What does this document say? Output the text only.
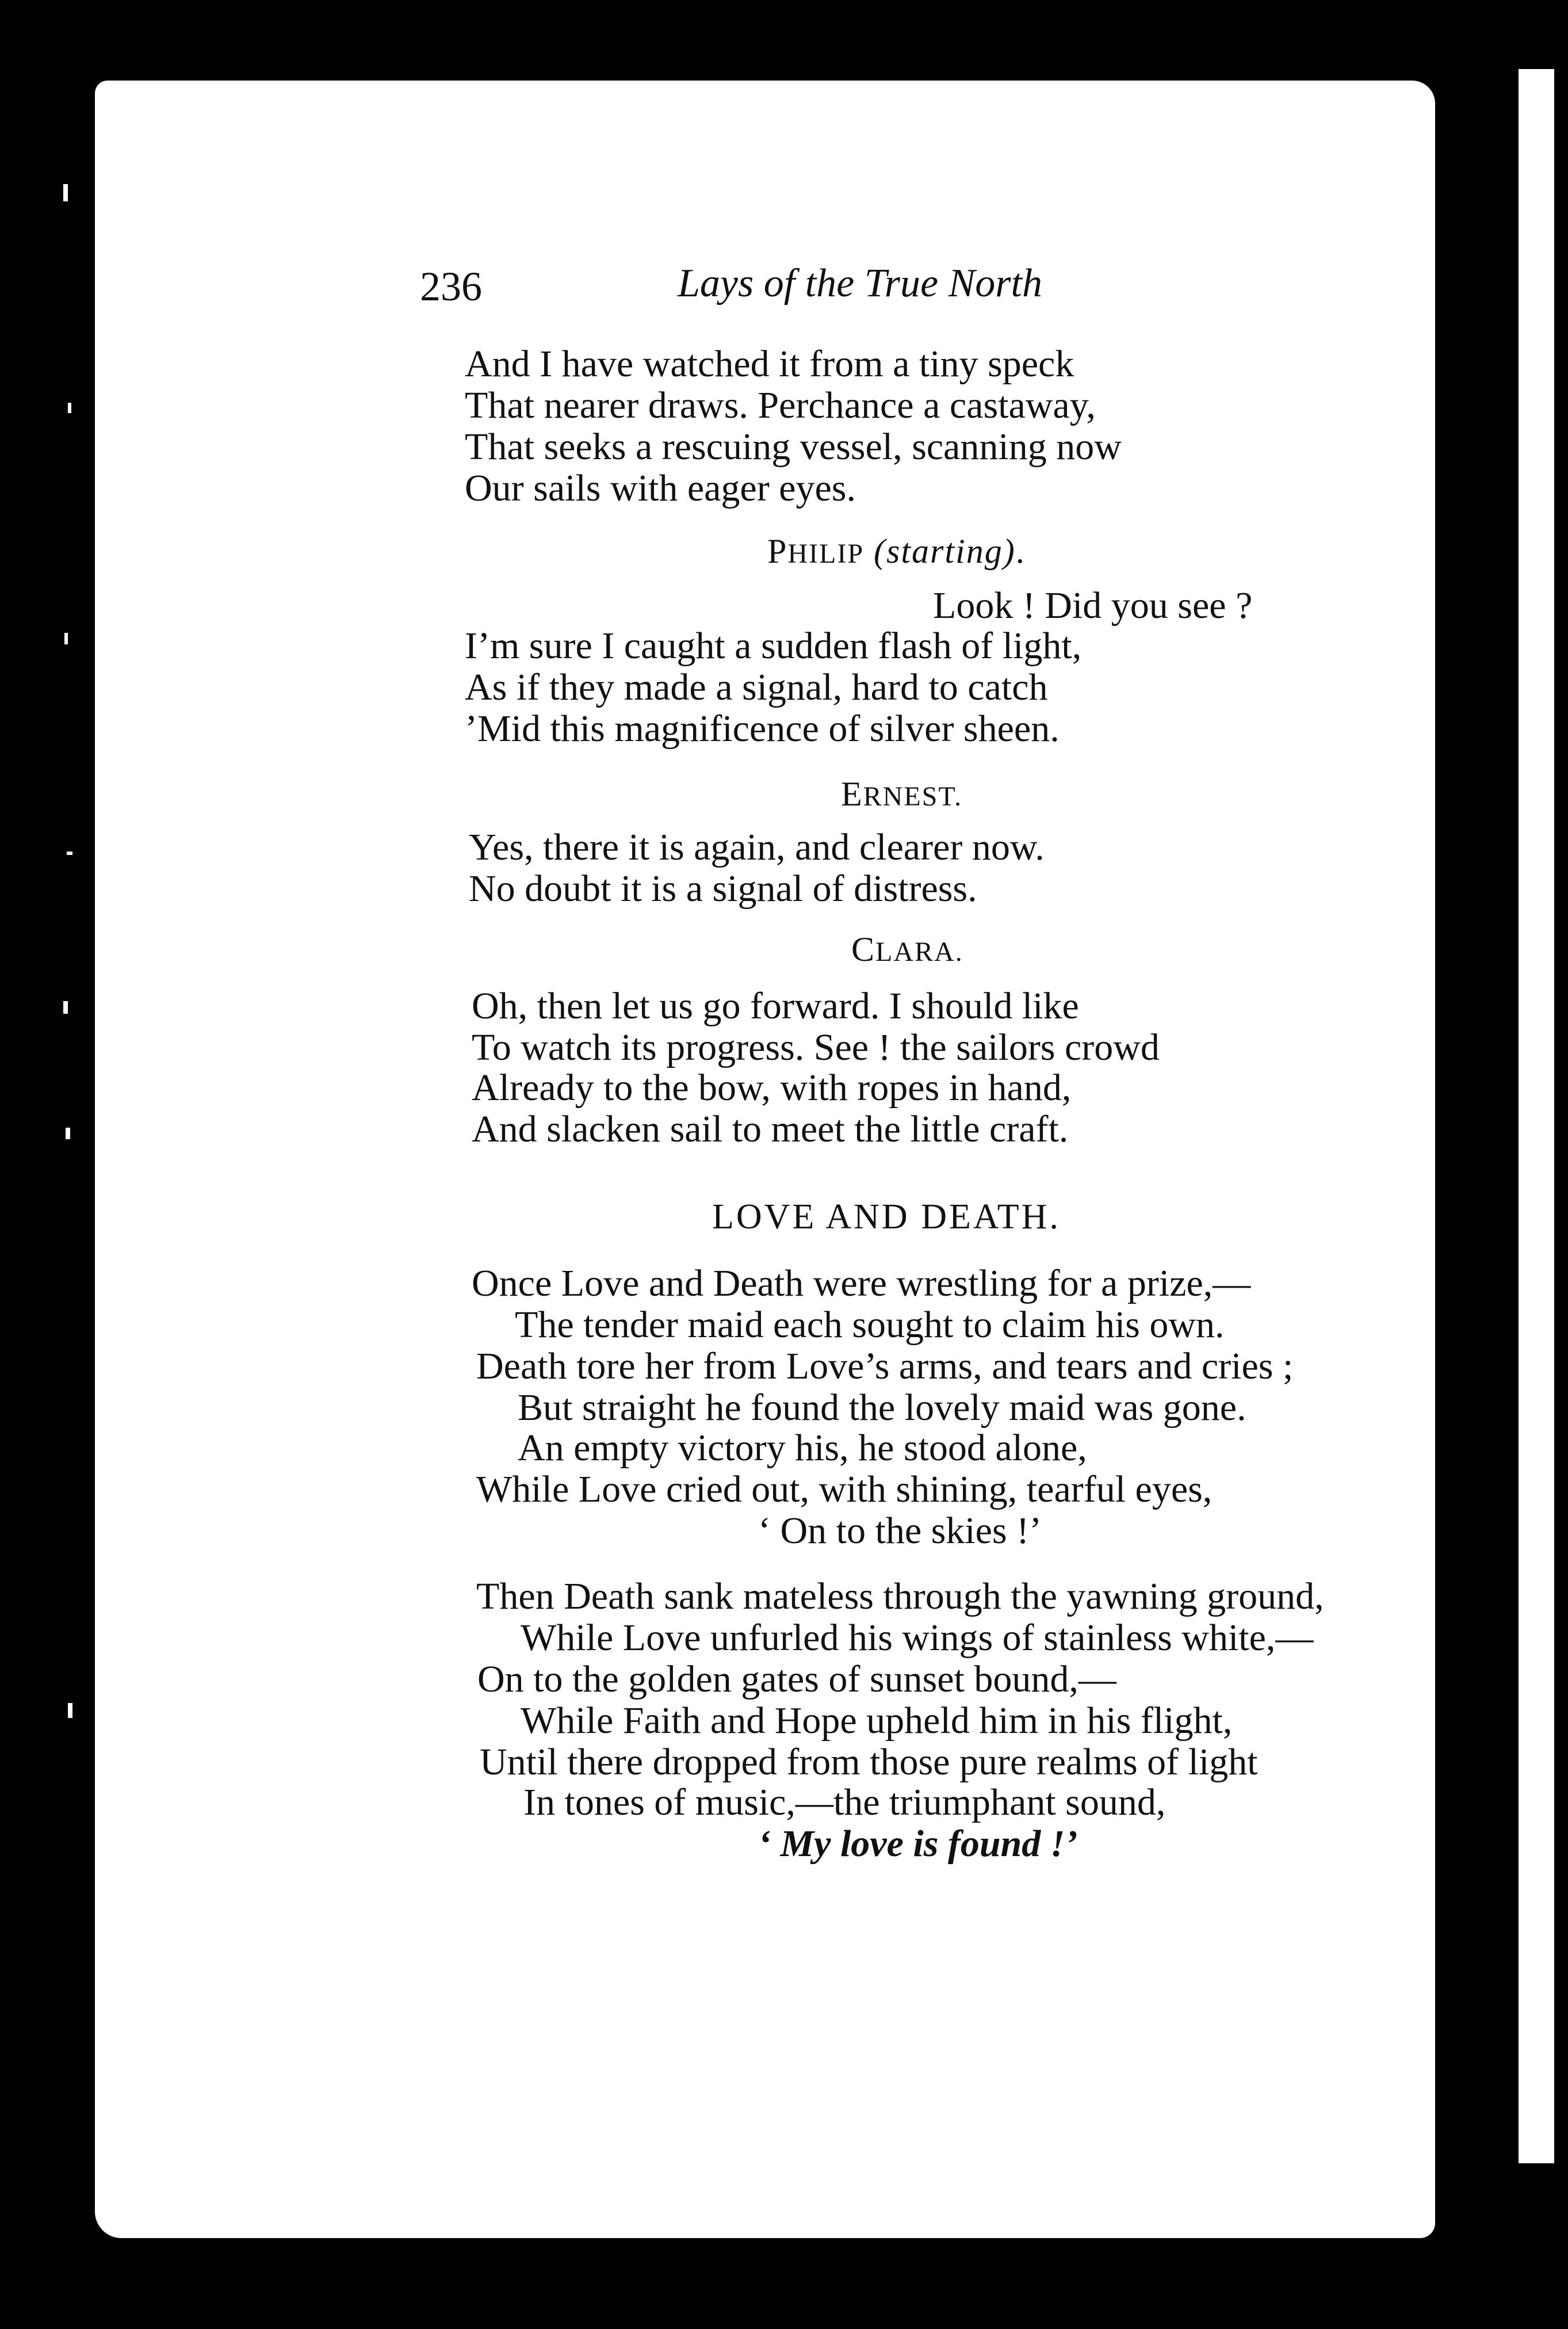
236	Lays of the True North
And I have watched it from a tiny speck
That nearer draws. Perchance a castaway,
That seeks a rescuing vessel, scanning now
Our sails with eager eyes.
PHILIP (starting).
Look ! Did you see ?
I’m sure I caught a sudden flash of light,
As if they made a signal, hard to catch
’Mid this magnificence of silver sheen.
ERNEST.
Yes, there it is again, and clearer now.
No doubt it is a signal of distress.
CLARA.
Oh, then let us go forward. I should like
To watch its progress. See ! the sailors crowd
Already to the bow, with ropes in hand,
And slacken sail to meet the little craft.
LOVE AND DEATH.
Once Love and Death were wrestling for a prize,—
The tender maid each sought to claim his own.
Death tore her from Love’s arms, and tears and cries ;
But straight he found the lovely maid was gone.
An empty victory his, he stood alone,
While Love cried out, with shining, tearful eyes,
‘ On to the skies !’
Then Death sank mateless through the yawning ground,
While Love unfurled his wings of stainless white,—
On to the golden gates of sunset bound,—
While Faith and Hope upheld him in his flight,
Until there dropped from those pure realms of light
In tones of music,—the triumphant sound,
‘ My love is found !’
